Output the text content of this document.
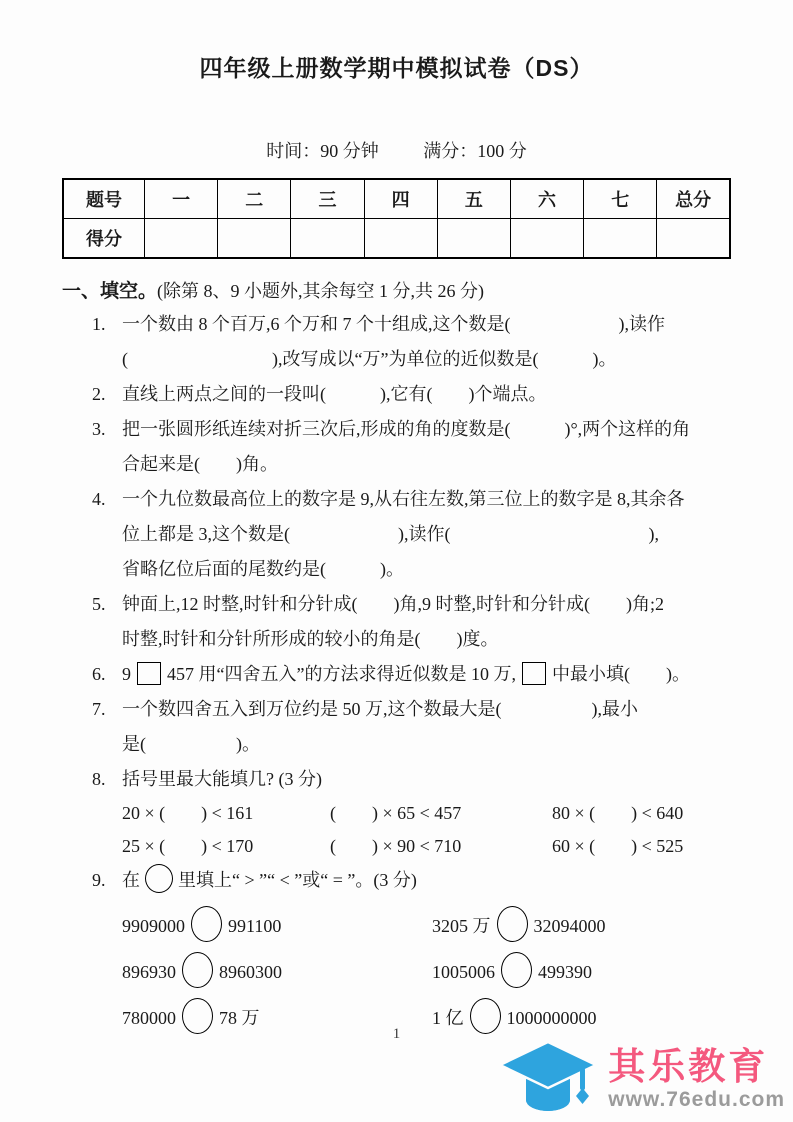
四年级上册数学期中模拟试卷（DS）
时间：90 分钟 满分：100 分
题号	一	二	三	四	五	六	七	总分
得分								
一、填空。(除第 8、9 小题外,其余每空 1 分,共 26 分)
1. 一个数由 8 个百万,6 个万和 7 个十组成,这个数是(　　　　　　),读作
(　　　　　　　　),改写成以“万”为单位的近似数是(　　　)。
2. 直线上两点之间的一段叫(　　　),它有(　　)个端点。
3. 把一张圆形纸连续对折三次后,形成的角的度数是(　　　)°,两个这样的角
合起来是(　　)角。
4. 一个九位数最高位上的数字是 9,从右往左数,第三位上的数字是 8,其余各
位上都是 3,这个数是(　　　　　　),读作(　　　　　　　　　　　),
省略亿位后面的尾数约是(　　　)。
5. 钟面上,12 时整,时针和分针成(　　)角,9 时整,时针和分针成(　　)角;2
时整,时针和分针所形成的较小的角是(　　)度。
6. 9 457 用“四舍五入”的方法求得近似数是 10 万, 中最小填(　　)。
7. 一个数四舍五入到万位约是 50 万,这个数最大是(　　　　　),最小
是(　　　　　)。
8. 括号里最大能填几? (3 分)
20 × (　　) < 161	(　　) × 65 < 457	80 × (　　) < 640
25 × (　　) < 170	(　　) × 90 < 710	60 × (　　) < 525
9. 在 里填上“ > ”“ < ”或“ = ”。(3 分)
9909000 991100	3205 万 32094000
896930 8960300	1005006 499390
780000 78 万	1 亿 1000000000
1
其乐教育
www.76edu.com
